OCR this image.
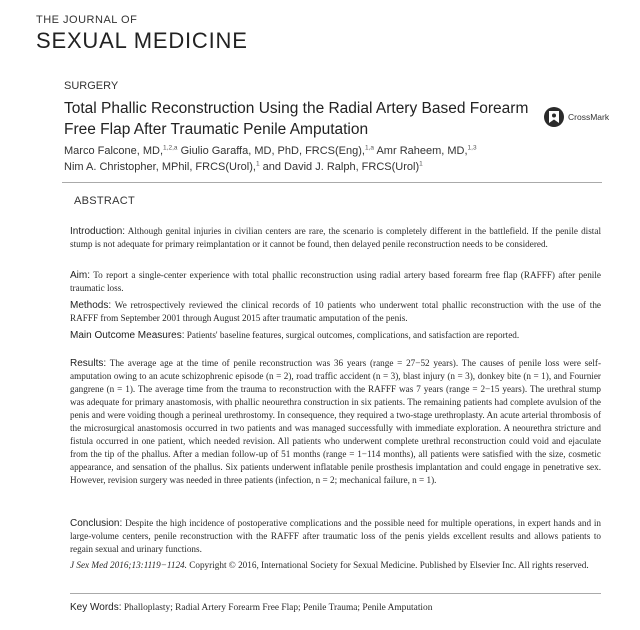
THE JOURNAL OF
SEXUAL MEDICINE
SURGERY
Total Phallic Reconstruction Using the Radial Artery Based Forearm Free Flap After Traumatic Penile Amputation
CrossMark
Marco Falcone, MD,$^{1,2,a}$ Giulio Garaffa, MD, PhD, FRCS(Eng),$^{1,a}$ Amr Raheem, MD,$^{1,3}$
Nim A. Christopher, MPhil, FRCS(Urol),$^1$ and David J. Ralph, FRCS(Urol)$^1$
ABSTRACT

Introduction: Although genital injuries in civilian centers are rare, the scenario is completely different in the battlefield. If the penile distal stump is not adequate for primary reimplantation or it cannot be found, then delayed penile reconstruction needs to be considered.

Aim: To report a single-center experience with total phallic reconstruction using radial artery based forearm free flap (RAFFF) after penile traumatic loss.

Methods: We retrospectively reviewed the clinical records of 10 patients who underwent total phallic reconstruction with the use of the RAFFF from September 2001 through August 2015 after traumatic amputation of the penis.

Main Outcome Measures: Patients' baseline features, surgical outcomes, complications, and satisfaction are reported.

Results: The average age at the time of penile reconstruction was 36 years (range = 27−52 years). The causes of penile loss were self-amputation owing to an acute schizophrenic episode (n = 2), road traffic accident (n = 3), blast injury (n = 3), donkey bite (n = 1), and Fournier gangrene (n = 1). The average time from the trauma to reconstruction with the RAFFF was 7 years (range = 2−15 years). The urethral stump was adequate for primary anastomosis, with phallic neourethra construction in six patients. The remaining patients had complete avulsion of the penis and were voiding though a perineal urethrostomy. In consequence, they required a two-stage urethroplasty. An acute arterial thrombosis of the microsurgical anastomosis occurred in two patients and was managed successfully with immediate exploration. A neourethra stricture and fistula occurred in one patient, which needed revision. All patients who underwent complete urethral reconstruction could void and ejaculate from the tip of the phallus. After a median follow-up of 51 months (range = 1−114 months), all patients were satisfied with the size, cosmetic appearance, and sensation of the phallus. Six patients underwent inflatable penile prosthesis implantation and could engage in penetrative sex. However, revision surgery was needed in three patients (infection, n = 2; mechanical failure, n = 1).

Conclusion: Despite the high incidence of postoperative complications and the possible need for multiple operations, in expert hands and in large-volume centers, penile reconstruction with the RAFFF after traumatic loss of the penis yields excellent results and allows patients to regain sexual and urinary functions.

J Sex Med 2016;13:1119−1124. Copyright © 2016, International Society for Sexual Medicine. Published by Elsevier Inc. All rights reserved.

Key Words: Phalloplasty; Radial Artery Forearm Free Flap; Penile Trauma; Penile Amputation
